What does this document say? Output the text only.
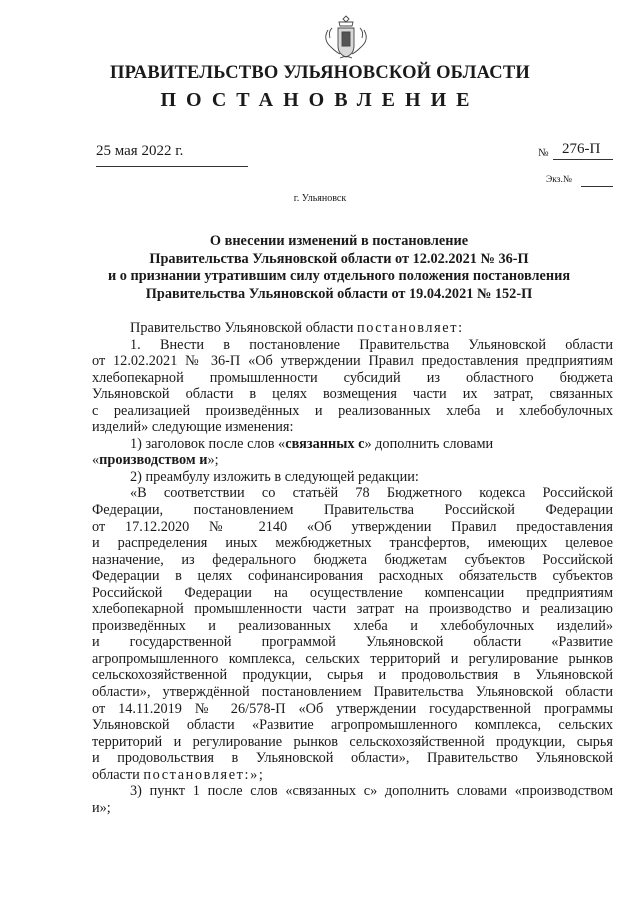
ПРАВИТЕЛЬСТВО УЛЬЯНОВСКОЙ ОБЛАСТИ
ПОСТАНОВЛЕНИЕ
25 мая 2022 г.	№ 276-П
Экз.№
г. Ульяновск
О внесении изменений в постановление
Правительства Ульяновской области от 12.02.2021 № 36-П
и о признании утратившим силу отдельного положения постановления
Правительства Ульяновской области от 19.04.2021 № 152-П
Правительство Ульяновской области постановляет:
1. Внести в постановление Правительства Ульяновской области
от 12.02.2021 № 36-П «Об утверждении Правил предоставления предприятиям
хлебопекарной промышленности субсидий из областного бюджета
Ульяновской области в целях возмещения части их затрат, связанных
с реализацией произведённых и реализованных хлеба и хлебобулочных
изделий» следующие изменения:
1) заголовок после слов «связанных с» дополнить словами
«производством и»;
2) преамбулу изложить в следующей редакции:
«В соответствии со статьёй 78 Бюджетного кодекса Российской
Федерации, постановлением Правительства Российской Федерации
от 17.12.2020 № 2140 «Об утверждении Правил предоставления
и распределения иных межбюджетных трансфертов, имеющих целевое
назначение, из федерального бюджета бюджетам субъектов Российской
Федерации в целях софинансирования расходных обязательств субъектов
Российской Федерации на осуществление компенсации предприятиям
хлебопекарной промышленности части затрат на производство и реализацию
произведённых и реализованных хлеба и хлебобулочных изделий»
и государственной программой Ульяновской области «Развитие
агропромышленного комплекса, сельских территорий и регулирование рынков
сельскохозяйственной продукции, сырья и продовольствия в Ульяновской
области», утверждённой постановлением Правительства Ульяновской области
от 14.11.2019 № 26/578-П «Об утверждении государственной программы
Ульяновской области «Развитие агропромышленного комплекса, сельских
территорий и регулирование рынков сельскохозяйственной продукции, сырья
и продовольствия в Ульяновской области», Правительство Ульяновской
области постановляет:»;
3) пункт 1 после слов «связанных с» дополнить словами «производством
и»;
